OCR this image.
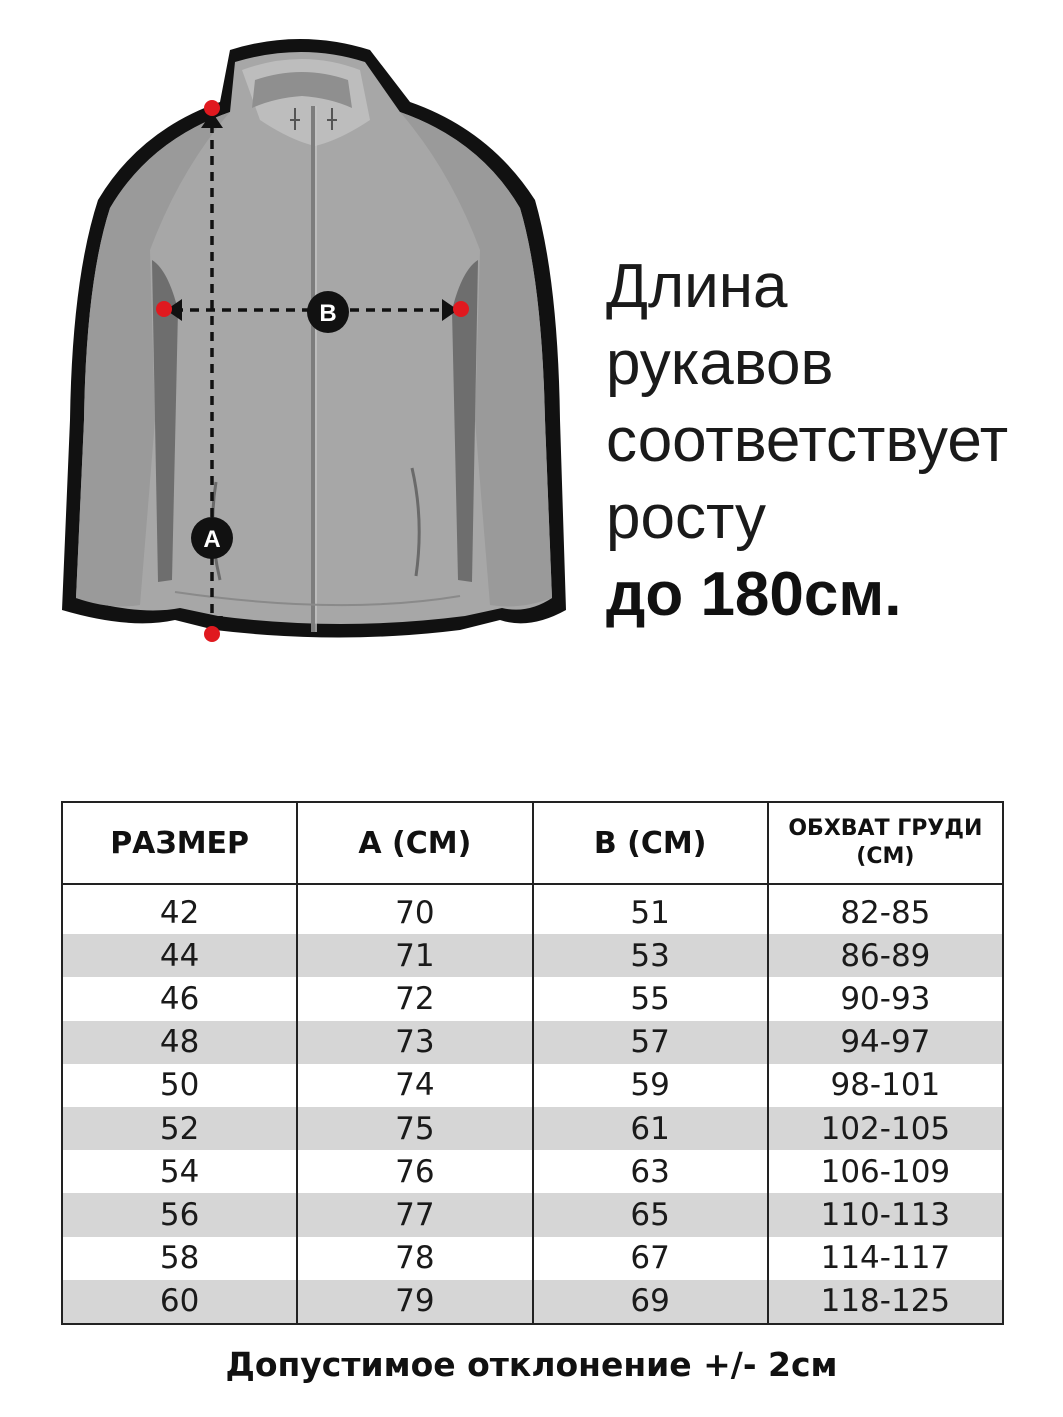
A
B	Длина
рукавов
соответствует
росту
до 180см.
РАЗМЕР	А (СМ)	В (СМ)	ОБХВАТ ГРУДИ (СМ)
42	70	51	82-85
44	71	53	86-89
46	72	55	90-93
48	73	57	94-97
50	74	59	98-101
52	75	61	102-105
54	76	63	106-109
56	77	65	110-113
58	78	67	114-117
60	79	69	118-125
Допустимое отклонение +/- 2см
